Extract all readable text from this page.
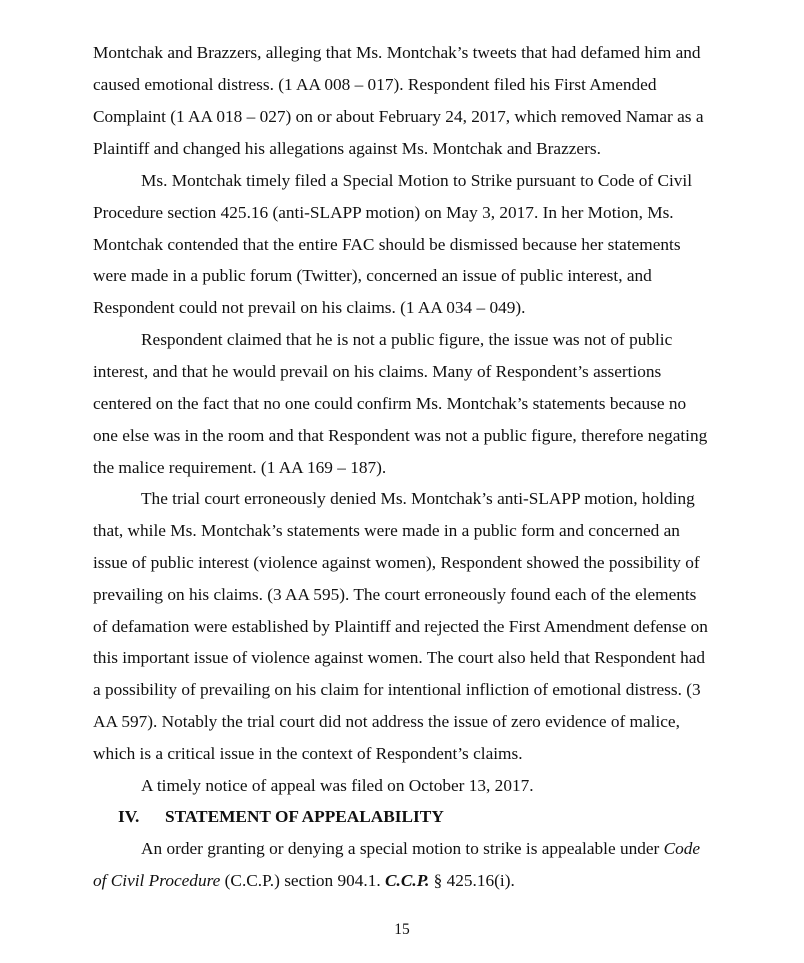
Montchak and Brazzers, alleging that Ms. Montchak’s tweets that had defamed him and
caused emotional distress. (1 AA 008 – 017). Respondent filed his First Amended
Complaint (1 AA 018 – 027) on or about February 24, 2017, which removed Namar as a
Plaintiff and changed his allegations against Ms. Montchak and Brazzers.
Ms. Montchak timely filed a Special Motion to Strike pursuant to Code of Civil
Procedure section 425.16 (anti-SLAPP motion) on May 3, 2017. In her Motion, Ms.
Montchak contended that the entire FAC should be dismissed because her statements
were made in a public forum (Twitter), concerned an issue of public interest, and
Respondent could not prevail on his claims. (1 AA 034 – 049).
Respondent claimed that he is not a public figure, the issue was not of public
interest, and that he would prevail on his claims. Many of Respondent’s assertions
centered on the fact that no one could confirm Ms. Montchak’s statements because no
one else was in the room and that Respondent was not a public figure, therefore negating
the malice requirement. (1 AA 169 – 187).
The trial court erroneously denied Ms. Montchak’s anti-SLAPP motion, holding
that, while Ms. Montchak’s statements were made in a public form and concerned an
issue of public interest (violence against women), Respondent showed the possibility of
prevailing on his claims. (3 AA 595). The court erroneously found each of the elements
of defamation were established by Plaintiff and rejected the First Amendment defense on
this important issue of violence against women. The court also held that Respondent had
a possibility of prevailing on his claim for intentional infliction of emotional distress. (3
AA 597). Notably the trial court did not address the issue of zero evidence of malice,
which is a critical issue in the context of Respondent’s claims.
A timely notice of appeal was filed on October 13, 2017.
IV. STATEMENT OF APPEALABILITY
An order granting or denying a special motion to strike is appealable under Code
of Civil Procedure (C.C.P.) section 904.1. C.C.P. § 425.16(i).
15
